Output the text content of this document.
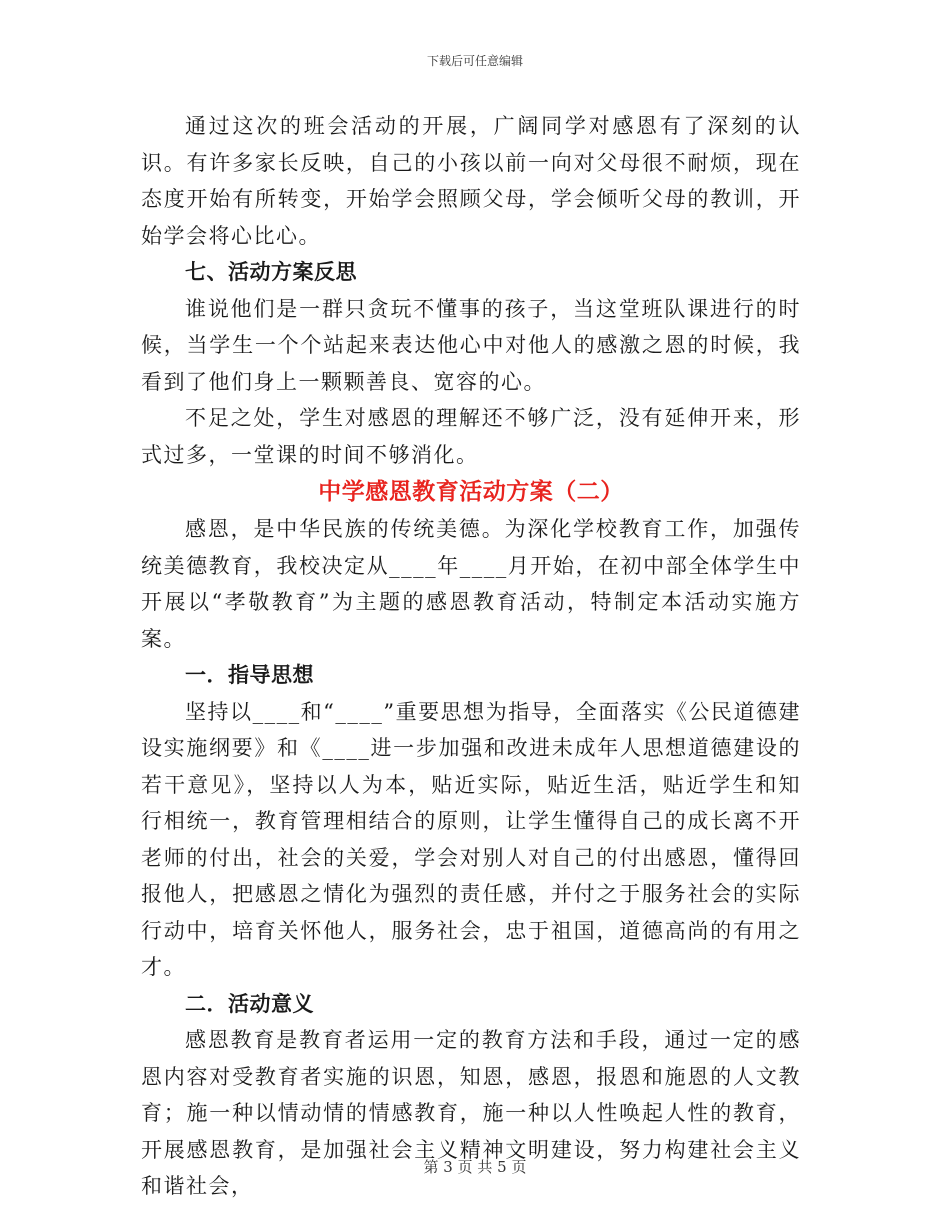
下载后可任意编辑

通过这次的班会活动的开展，广阔同学对感恩有了深刻的认识。有许多家长反映，自己的小孩以前一向对父母很不耐烦，现在态度开始有所转变，开始学会照顾父母，学会倾听父母的教训，开始学会将心比心。

七、活动方案反思

谁说他们是一群只贪玩不懂事的孩子，当这堂班队课进行的时候，当学生一个个站起来表达他心中对他人的感激之恩的时候，我看到了他们身上一颗颗善良、宽容的心。

不足之处，学生对感恩的理解还不够广泛，没有延伸开来，形式过多，一堂课的时间不够消化。

中学感恩教育活动方案（二）

感恩，是中华民族的传统美德。为深化学校教育工作，加强传统美德教育，我校决定从____年____月开始，在初中部全体学生中开展以“孝敬教育”为主题的感恩教育活动，特制定本活动实施方案。

一．指导思想

坚持以____和“____”重要思想为指导，全面落实《公民道德建设实施纲要》和《____进一步加强和改进未成年人思想道德建设的若干意见》，坚持以人为本，贴近实际，贴近生活，贴近学生和知行相统一，教育管理相结合的原则，让学生懂得自己的成长离不开老师的付出，社会的关爱，学会对别人对自己的付出感恩，懂得回报他人，把感恩之情化为强烈的责任感，并付之于服务社会的实际行动中，培育关怀他人，服务社会，忠于祖国，道德高尚的有用之才。

二．活动意义

感恩教育是教育者运用一定的教育方法和手段，通过一定的感恩内容对受教育者实施的识恩，知恩，感恩，报恩和施恩的人文教育；施一种以情动情的情感教育，施一种以人性唤起人性的教育，开展感恩教育，是加强社会主义精神文明建设，努力构建社会主义和谐社会，

第 3 页 共 5 页
